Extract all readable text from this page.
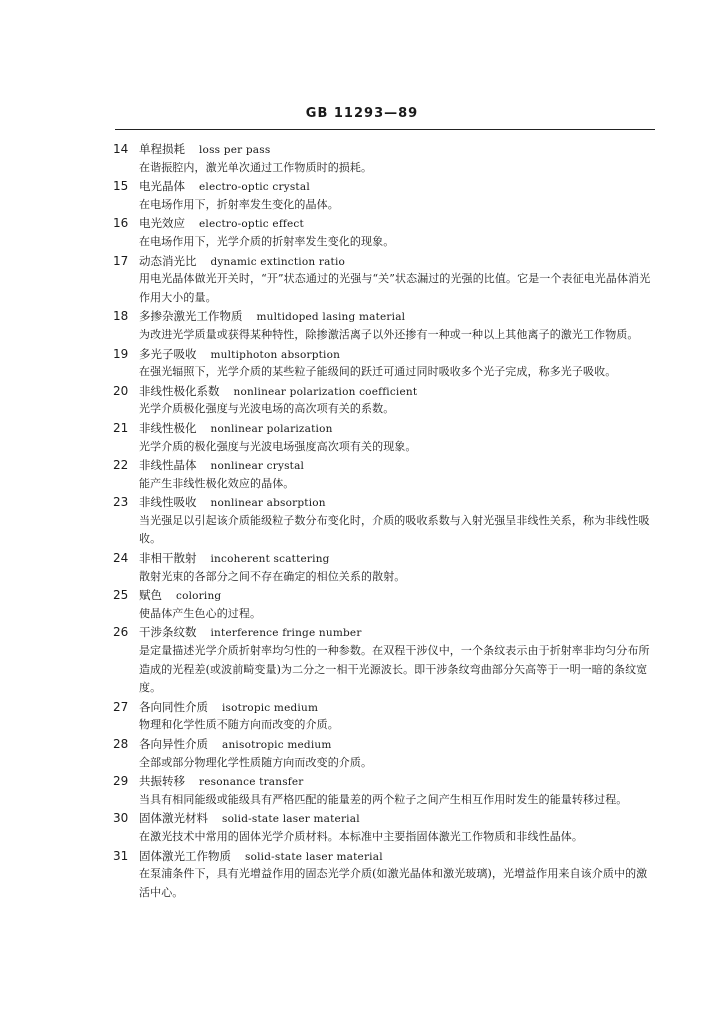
GB 11293—89
14 单程损耗 loss per pass
在谐振腔内，激光单次通过工作物质时的损耗。
15 电光晶体 electro-optic crystal
在电场作用下，折射率发生变化的晶体。
16 电光效应 electro-optic effect
在电场作用下，光学介质的折射率发生变化的现象。
17 动态消光比 dynamic extinction ratio
用电光晶体做光开关时，“开”状态通过的光强与“关”状态漏过的光强的比值。它是一个表征电光晶体消光作用大小的量。
18 多掺杂激光工作物质 multidoped lasing material
为改进光学质量或获得某种特性，除掺激活离子以外还掺有一种或一种以上其他离子的激光工作物质。
19 多光子吸收 multiphoton absorption
在强光辐照下，光学介质的某些粒子能级间的跃迁可通过同时吸收多个光子完成，称多光子吸收。
20 非线性极化系数 nonlinear polarization coefficient
光学介质极化强度与光波电场的高次项有关的系数。
21 非线性极化 nonlinear polarization
光学介质的极化强度与光波电场强度高次项有关的现象。
22 非线性晶体 nonlinear crystal
能产生非线性极化效应的晶体。
23 非线性吸收 nonlinear absorption
当光强足以引起该介质能级粒子数分布变化时，介质的吸收系数与入射光强呈非线性关系，称为非线性吸收。
24 非相干散射 incoherent scattering
散射光束的各部分之间不存在确定的相位关系的散射。
25 赋色 coloring
使晶体产生色心的过程。
26 干涉条纹数 interference fringe number
是定量描述光学介质折射率均匀性的一种参数。在双程干涉仪中，一个条纹表示由于折射率非均匀分布所造成的光程差(或波前畸变量)为二分之一相干光源波长。即干涉条纹弯曲部分矢高等于一明一暗的条纹宽度。
27 各向同性介质 isotropic medium
物理和化学性质不随方向而改变的介质。
28 各向异性介质 anisotropic medium
全部或部分物理化学性质随方向而改变的介质。
29 共振转移 resonance transfer
当具有相同能级或能级具有严格匹配的能量差的两个粒子之间产生相互作用时发生的能量转移过程。
30 固体激光材料 solid-state laser material
在激光技术中常用的固体光学介质材料。本标准中主要指固体激光工作物质和非线性晶体。
31 固体激光工作物质 solid-state laser material
在泵浦条件下，具有光增益作用的固态光学介质(如激光晶体和激光玻璃)，光增益作用来自该介质中的激活中心。
